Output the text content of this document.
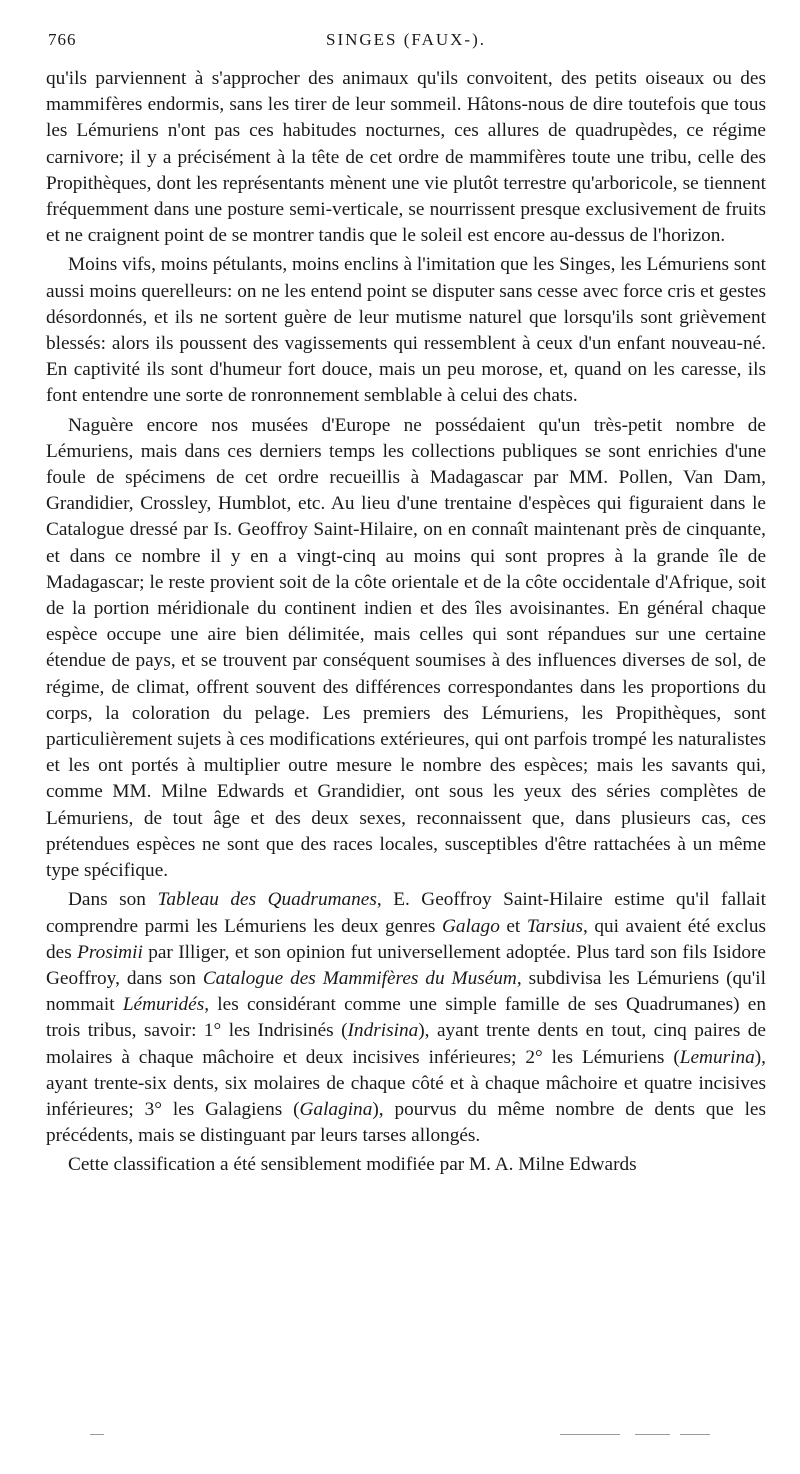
766	SINGES (FAUX-).

qu'ils parviennent à s'approcher des animaux qu'ils convoitent, des petits oiseaux ou des mammifères endormis, sans les tirer de leur sommeil. Hâtons-nous de dire toutefois que tous les Lémuriens n'ont pas ces habitudes nocturnes, ces allures de quadrupèdes, ce régime carnivore; il y a précisément à la tête de cet ordre de mammifères toute une tribu, celle des Propithèques, dont les représentants mènent une vie plutôt terrestre qu'arboricole, se tiennent fréquemment dans une posture semi-verticale, se nourrissent presque exclusivement de fruits et ne craignent point de se montrer tandis que le soleil est encore au-dessus de l'horizon.

Moins vifs, moins pétulants, moins enclins à l'imitation que les Singes, les Lémuriens sont aussi moins querelleurs: on ne les entend point se disputer sans cesse avec force cris et gestes désordonnés, et ils ne sortent guère de leur mutisme naturel que lorsqu'ils sont grièvement blessés: alors ils poussent des vagissements qui ressemblent à ceux d'un enfant nouveau-né. En captivité ils sont d'humeur fort douce, mais un peu morose, et, quand on les caresse, ils font entendre une sorte de ronronnement semblable à celui des chats.

Naguère encore nos musées d'Europe ne possédaient qu'un très-petit nombre de Lémuriens, mais dans ces derniers temps les collections publiques se sont enrichies d'une foule de spécimens de cet ordre recueillis à Madagascar par MM. Pollen, Van Dam, Grandidier, Crossley, Humblot, etc. Au lieu d'une trentaine d'espèces qui figuraient dans le Catalogue dressé par Is. Geoffroy Saint-Hilaire, on en connaît maintenant près de cinquante, et dans ce nombre il y en a vingt-cinq au moins qui sont propres à la grande île de Madagascar; le reste provient soit de la côte orientale et de la côte occidentale d'Afrique, soit de la portion méridionale du continent indien et des îles avoisinantes. En général chaque espèce occupe une aire bien délimitée, mais celles qui sont répandues sur une certaine étendue de pays, et se trouvent par conséquent soumises à des influences diverses de sol, de régime, de climat, offrent souvent des différences correspondantes dans les proportions du corps, la coloration du pelage. Les premiers des Lémuriens, les Propithèques, sont particulièrement sujets à ces modifications extérieures, qui ont parfois trompé les naturalistes et les ont portés à multiplier outre mesure le nombre des espèces; mais les savants qui, comme MM. Milne Edwards et Grandidier, ont sous les yeux des séries complètes de Lémuriens, de tout âge et des deux sexes, reconnaissent que, dans plusieurs cas, ces prétendues espèces ne sont que des races locales, susceptibles d'être rattachées à un même type spécifique.

Dans son Tableau des Quadrumanes, E. Geoffroy Saint-Hilaire estime qu'il fallait comprendre parmi les Lémuriens les deux genres Galago et Tarsius, qui avaient été exclus des Prosimii par Illiger, et son opinion fut universellement adoptée. Plus tard son fils Isidore Geoffroy, dans son Catalogue des Mammifères du Muséum, subdivisa les Lémuriens (qu'il nommait Lémuridés, les considérant comme une simple famille de ses Quadrumanes) en trois tribus, savoir: 1° les Indrisinés (Indrisina), ayant trente dents en tout, cinq paires de molaires à chaque mâchoire et deux incisives inférieures; 2° les Lémuriens (Lemurina), ayant trente-six dents, six molaires de chaque côté et à chaque mâchoire et quatre incisives inférieures; 3° les Galagiens (Galagina), pourvus du même nombre de dents que les précédents, mais se distinguant par leurs tarses allongés.

Cette classification a été sensiblement modifiée par M. A. Milne Edwards
